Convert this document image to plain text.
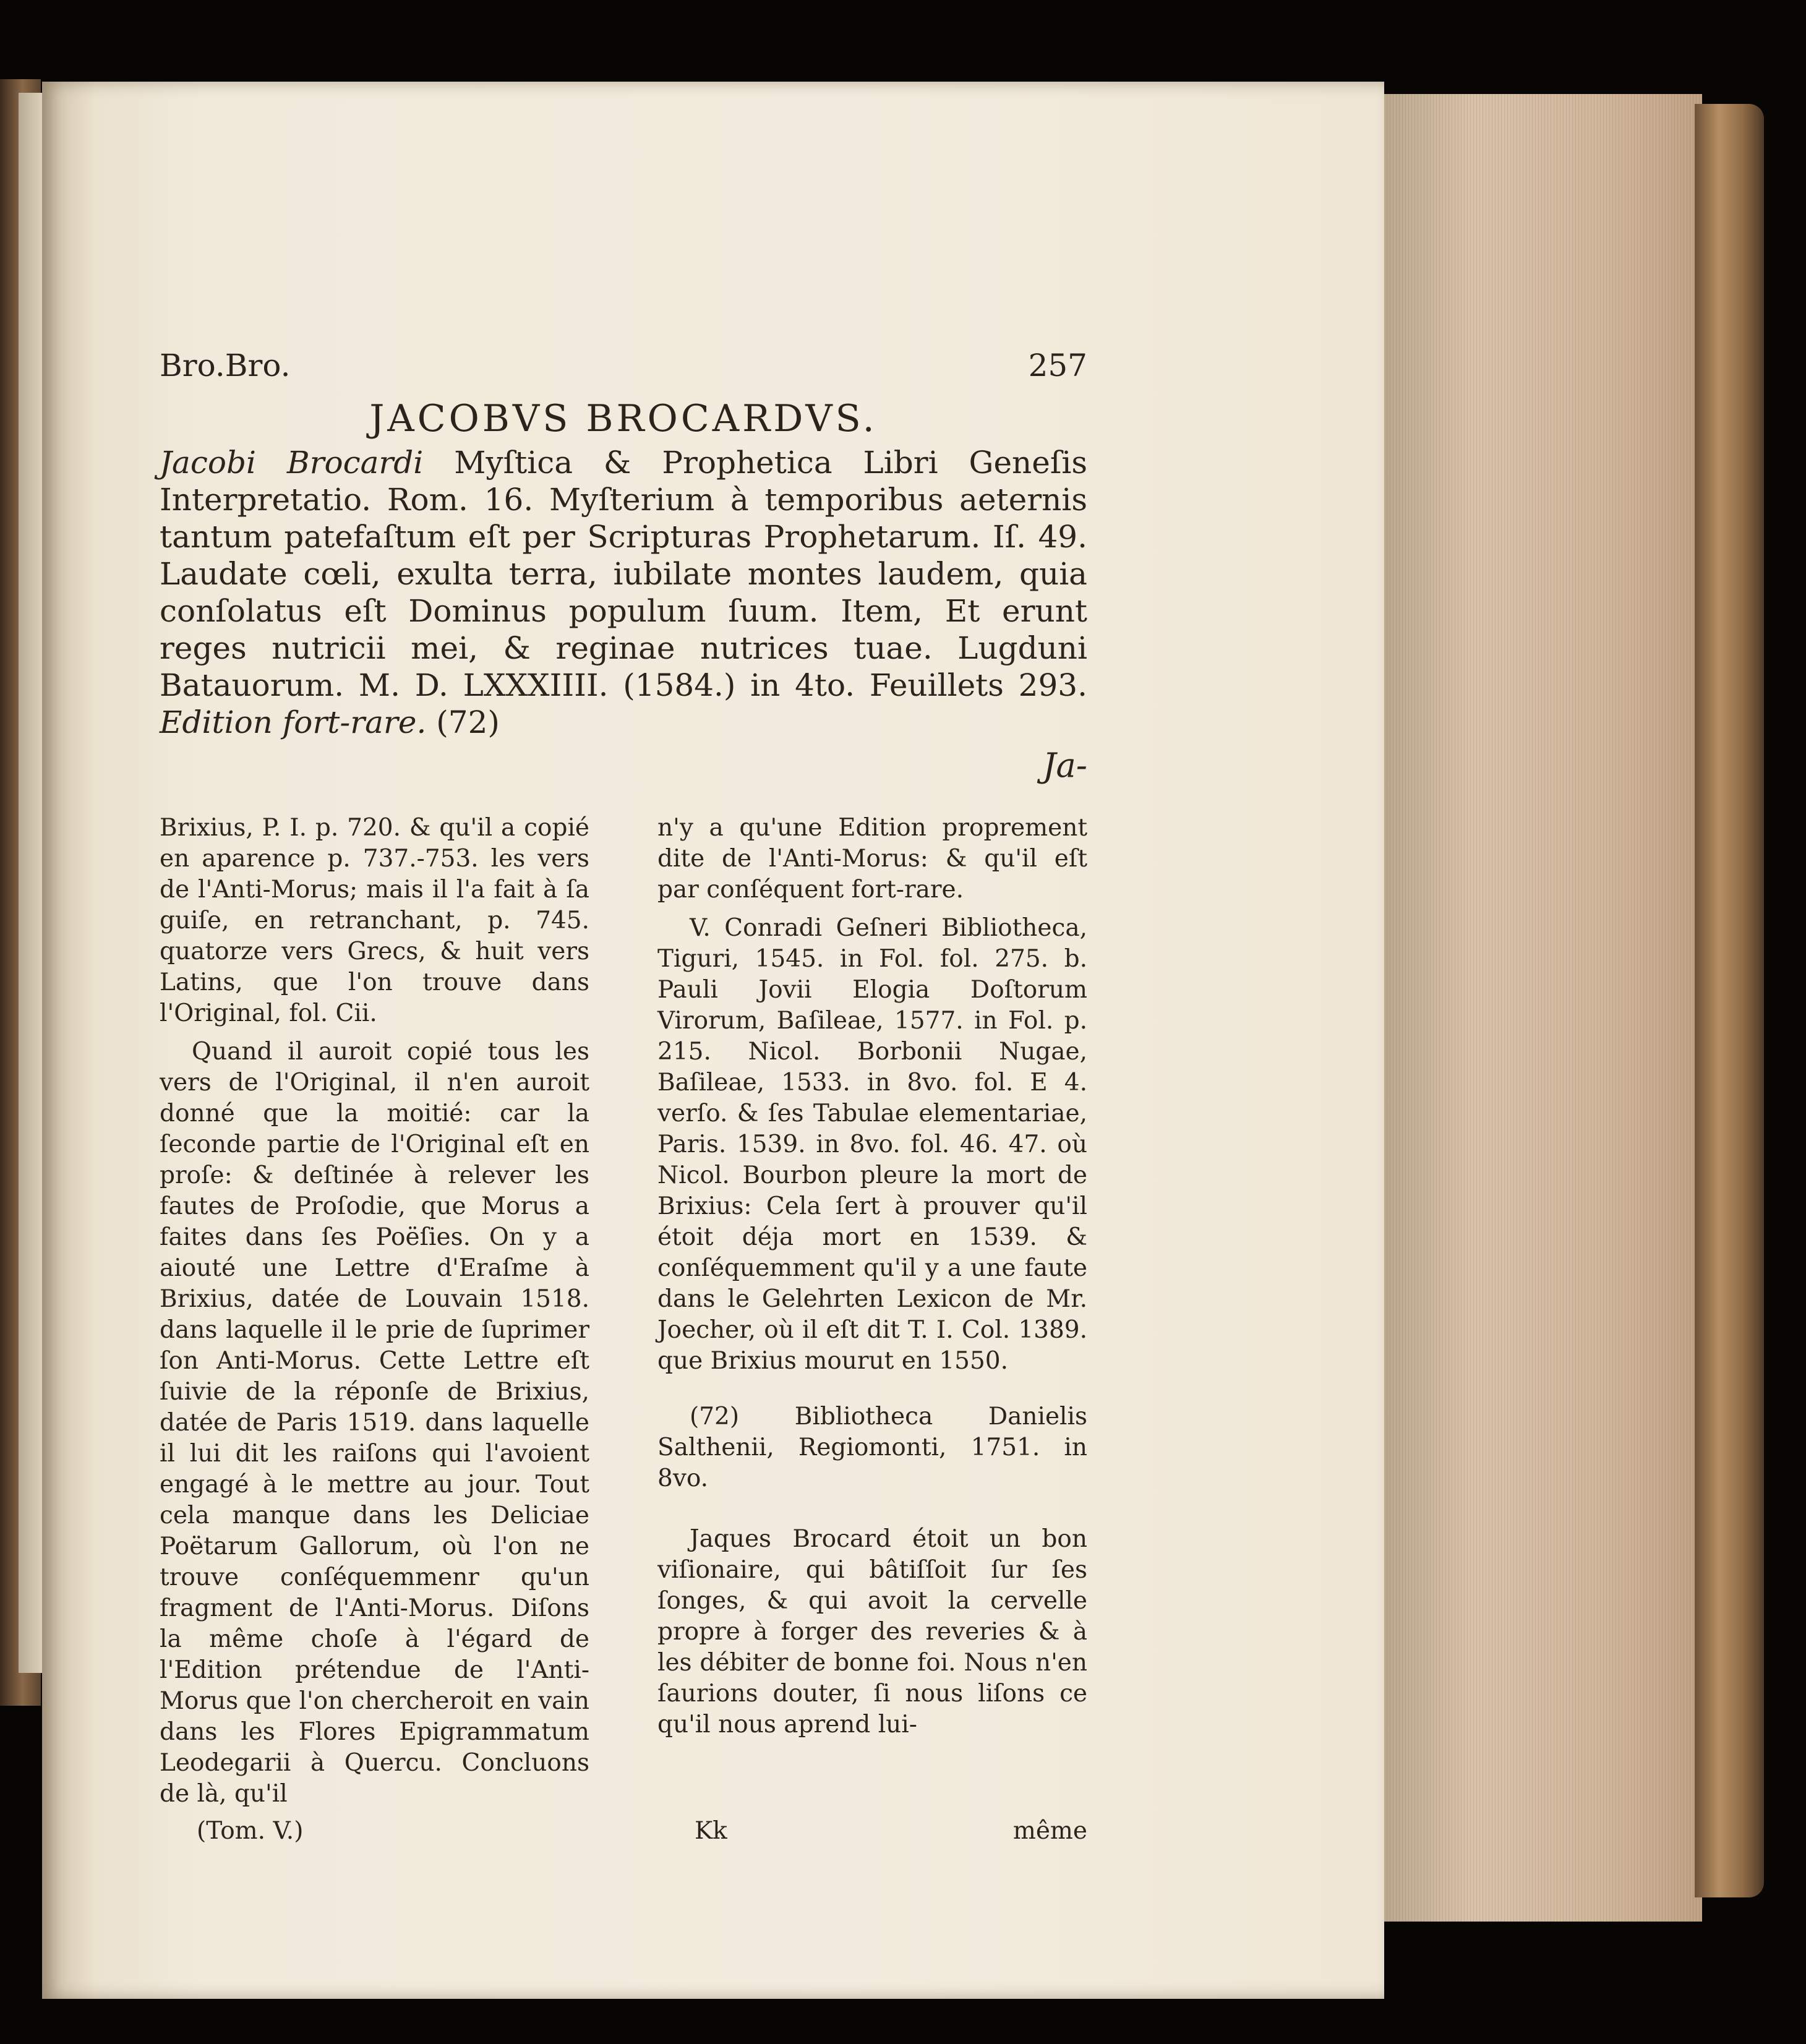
Bro. Bro.	257
JACOBVS BROCARDVS.

Jacobi Brocardi Myſtica & Prophetica Libri Geneſis Interpretatio. Rom. 16. Myſterium à temporibus aeternis tantum patefaſtum eſt per Scripturas Prophetarum. Iſ. 49. Laudate cœli, exulta terra, iubilate montes laudem, quia conſolatus eſt Dominus populum ſuum. Item, Et erunt reges nutricii mei, & reginae nutrices tuae. Lugduni Batauorum. M. D. LXXXIIII. (1584.) in 4to. Feuillets 293. Edition fort-rare. (72)

Ja-

Brixius, P. I. p. 720. & qu'il a copié en aparence p. 737.-753. les vers de l'Anti-Morus; mais il l'a fait à ſa guiſe, en retranchant, p. 745. quatorze vers Grecs, & huit vers Latins, que l'on trouve dans l'Original, fol. Cii.

Quand il auroit copié tous les vers de l'Original, il n'en auroit donné que la moitié: car la ſeconde partie de l'Original eſt en proſe: & deſtinée à relever les fautes de Proſodie, que Morus a faites dans ſes Poëſies. On y a aiouté une Lettre d'Eraſme à Brixius, datée de Louvain 1518. dans laquelle il le prie de ſuprimer ſon Anti-Morus. Cette Lettre eſt ſuivie de la réponſe de Brixius, datée de Paris 1519. dans laquelle il lui dit les raiſons qui l'avoient engagé à le mettre au jour. Tout cela manque dans les Deliciae Poëtarum Gallorum, où l'on ne trouve conſéquemmenr qu'un fragment de l'Anti-Morus. Diſons la même choſe à l'égard de l'Edition prétendue de l'Anti-Morus que l'on chercheroit en vain dans les Flores Epigrammatum Leodegarii à Quercu. Concluons de là, qu'il

n'y a qu'une Edition proprement dite de l'Anti-Morus: & qu'il eſt par conſéquent fort-rare.

V. Conradi Geſneri Bibliotheca, Tiguri, 1545. in Fol. fol. 275. b. Pauli Jovii Elogia Doſtorum Virorum, Baſileae, 1577. in Fol. p. 215. Nicol. Borbonii Nugae, Baſileae, 1533. in 8vo. fol. E 4. verſo. & ſes Tabulae elementariae, Paris. 1539. in 8vo. fol. 46. 47. où Nicol. Bourbon pleure la mort de Brixius: Cela ſert à prouver qu'il étoit déja mort en 1539. & conſéquemment qu'il y a une faute dans le Gelehrten Lexicon de Mr. Joecher, où il eſt dit T. I. Col. 1389. que Brixius mourut en 1550.

(72) Bibliotheca Danielis Salthenii, Regiomonti, 1751. in 8vo.

Jaques Brocard étoit un bon viſionaire, qui bâtiſſoit ſur ſes ſonges, & qui avoit la cervelle propre à forger des reveries & à les débiter de bonne foi. Nous n'en ſaurions douter, ſi nous liſons ce qu'il nous aprend lui-

(Tom. V.)	Kk	même
